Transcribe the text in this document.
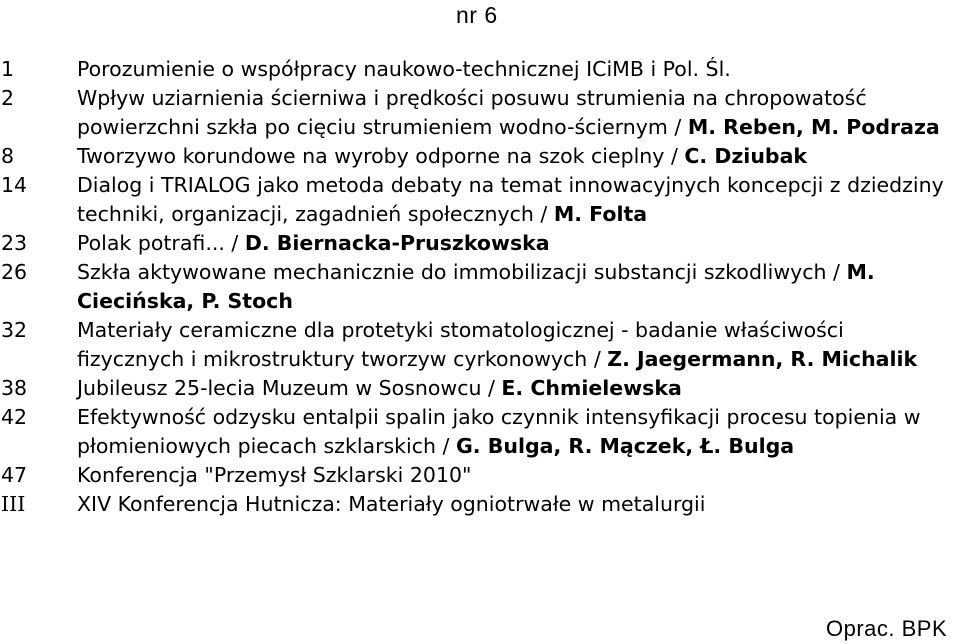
nr 6
1	Porozumienie o współpracy naukowo-technicznej ICiMB i Pol. Śl.
2	Wpływ uziarnienia ścierniwa i prędkości posuwu strumienia na chropowatość powierzchni szkła po cięciu strumieniem wodno-ściernym / M. Reben, M. Podraza
8	Tworzywo korundowe na wyroby odporne na szok cieplny / C. Dziubak
14	Dialog i TRIALOG jako metoda debaty na temat innowacyjnych koncepcji z dziedziny techniki, organizacji, zagadnień społecznych / M. Folta
23	Polak potrafi... / D. Biernacka-Pruszkowska
26	Szkła aktywowane mechanicznie do immobilizacji substancji szkodliwych / M. Ciecińska, P. Stoch
32	Materiały ceramiczne dla protetyki stomatologicznej - badanie właściwości fizycznych i mikrostruktury tworzyw cyrkonowych / Z. Jaegermann, R. Michalik
38	Jubileusz 25-lecia Muzeum w Sosnowcu / E. Chmielewska
42	Efektywność odzysku entalpii spalin jako czynnik intensyfikacji procesu topienia w płomieniowych piecach szklarskich / G. Bulga, R. Mączek, Ł. Bulga
47	Konferencja "Przemysł Szklarski 2010"
III	XIV Konferencja Hutnicza: Materiały ogniotrwałe w metalurgii
Oprac. BPK
